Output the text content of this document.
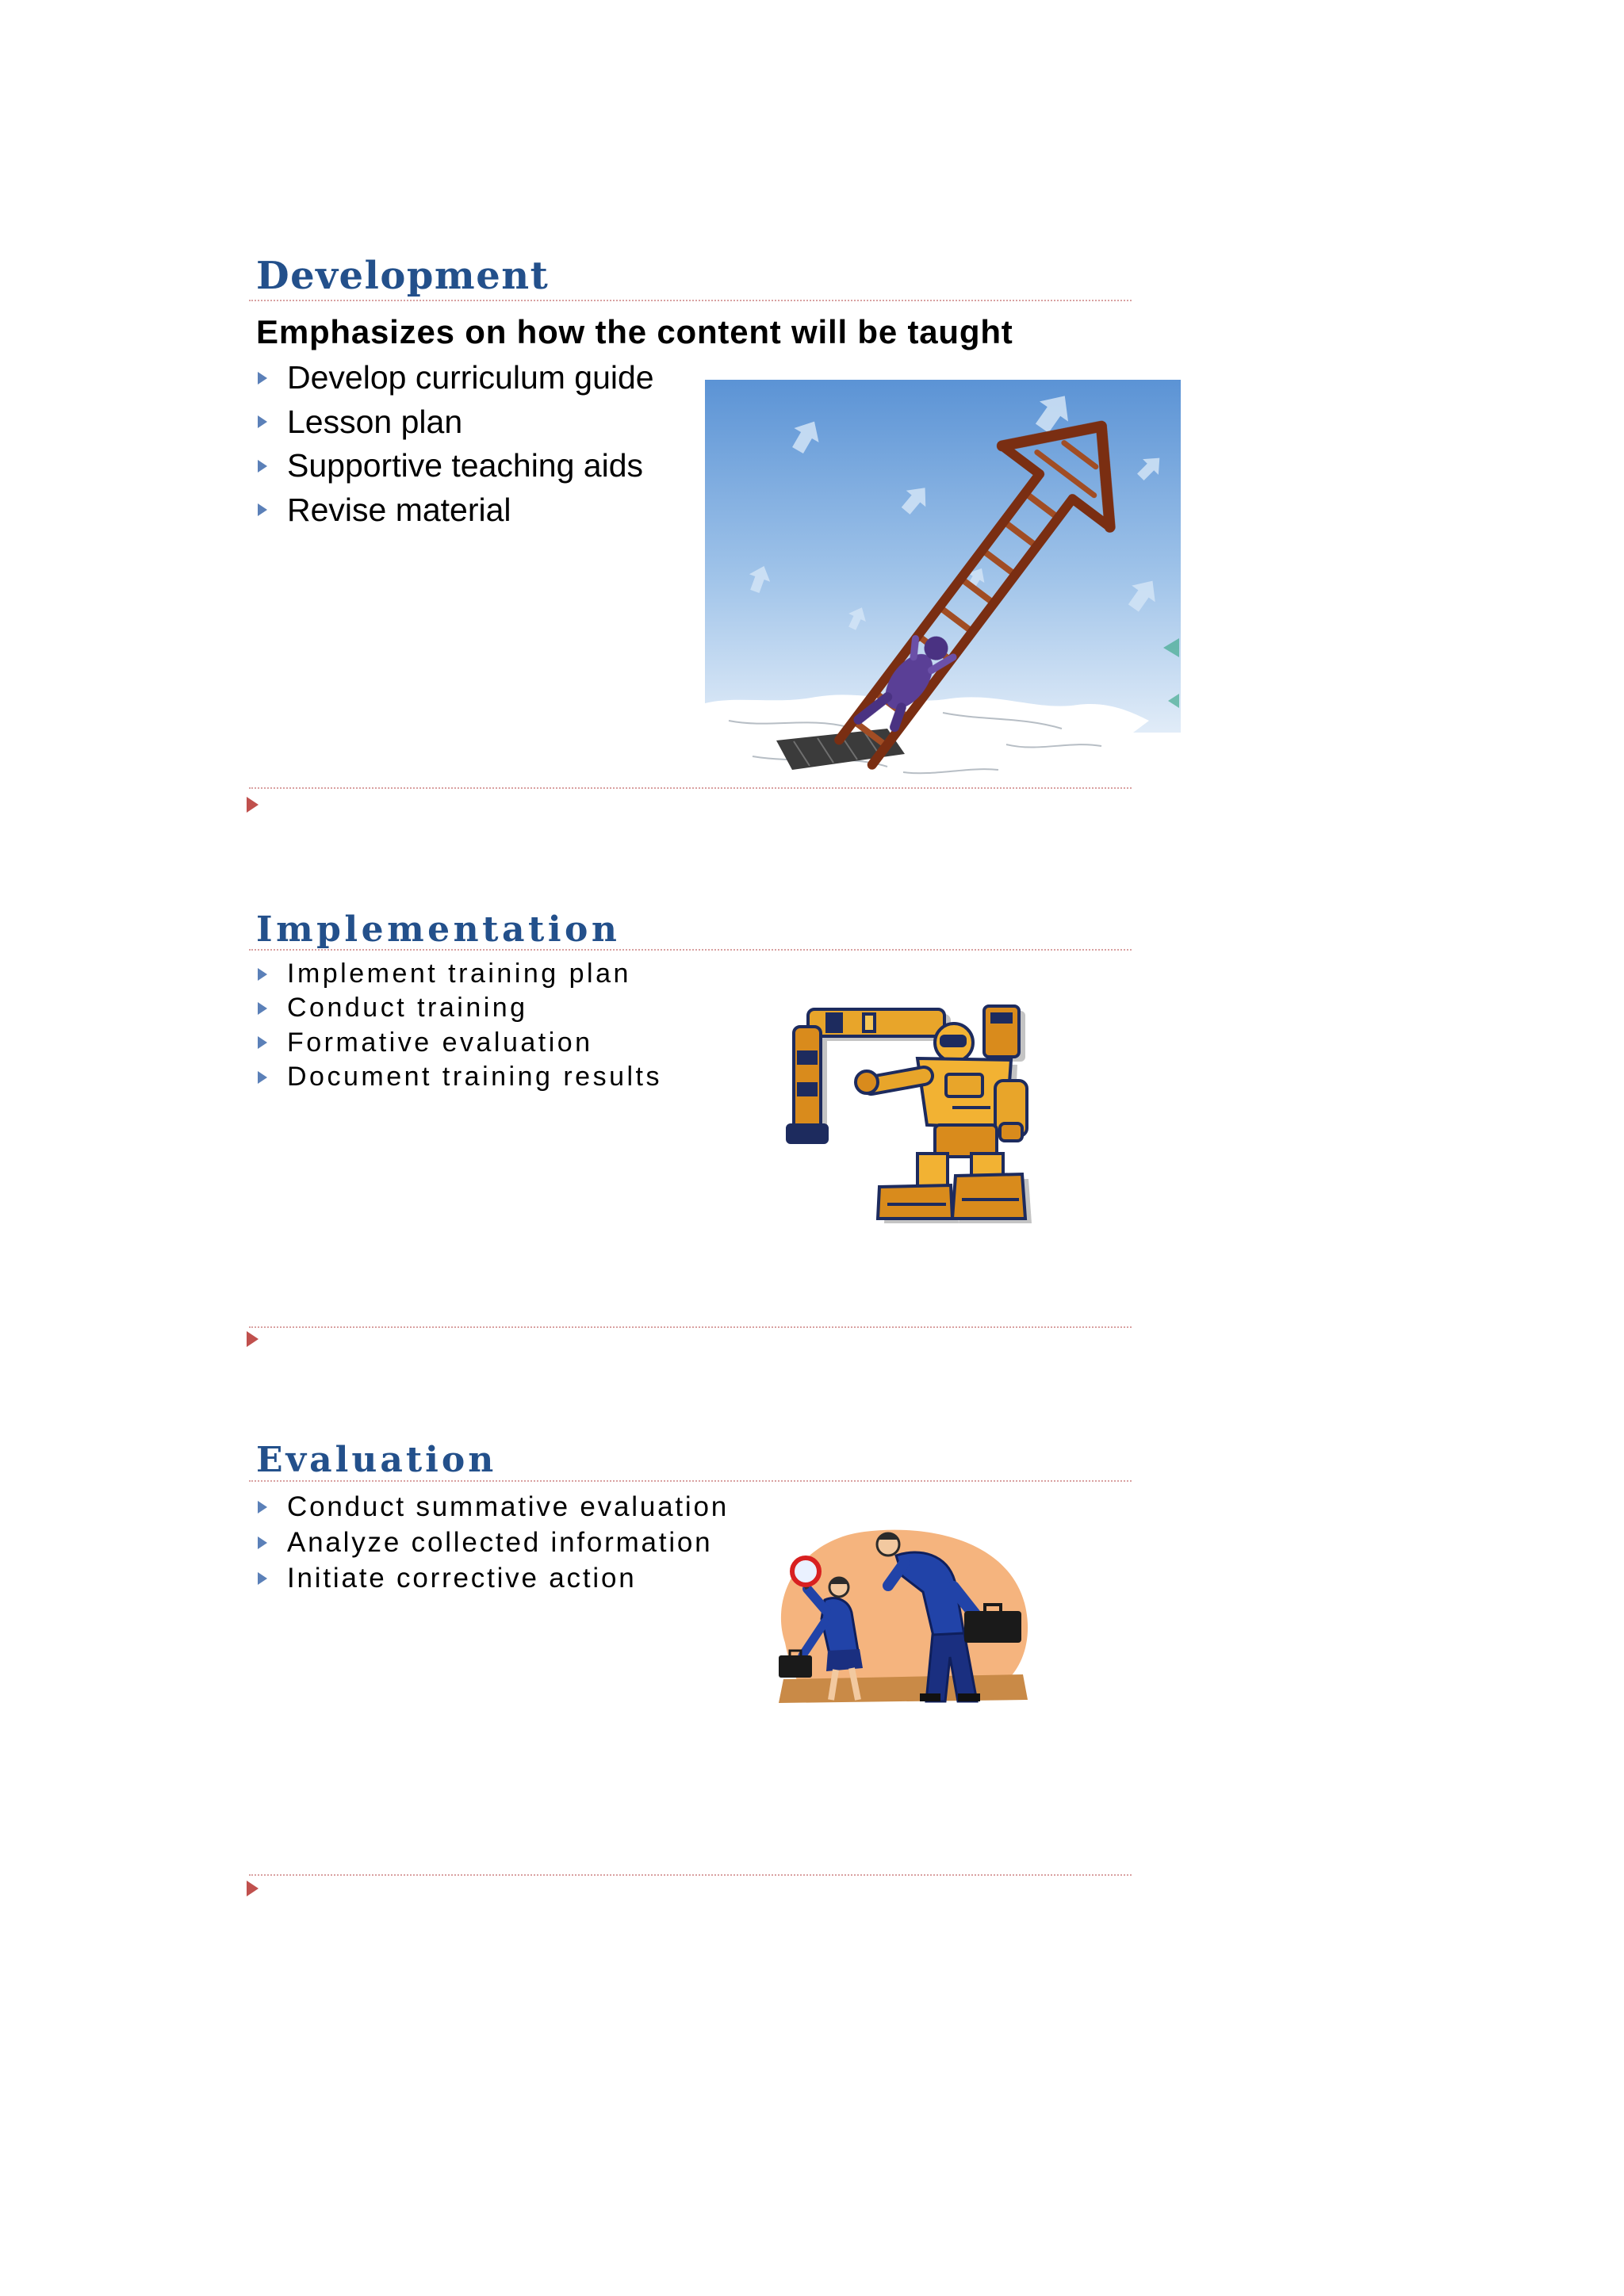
Development

Emphasizes on how the content will be taught

Develop curriculum guide
Lesson plan
Supportive teaching aids
Revise material
Implementation
Implement training plan
Conduct training
Formative evaluation
Document training results
Evaluation
Conduct summative evaluation
Analyze collected information
Initiate corrective action
